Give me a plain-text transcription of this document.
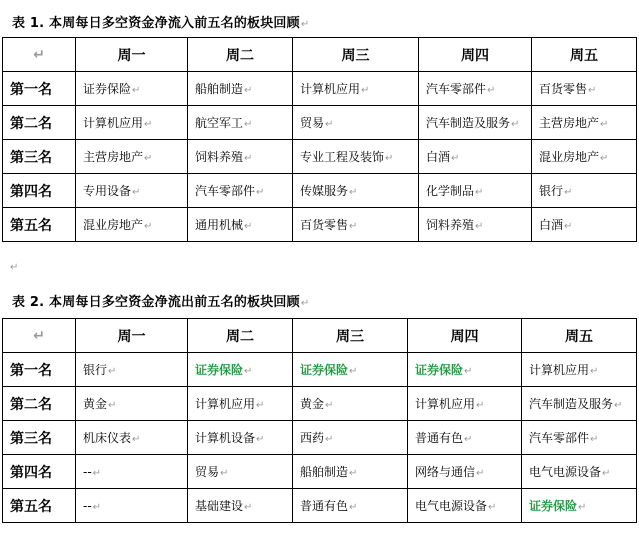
表 1. 本周每日多空资金净流入前五名的板块回顾↵
↵	周一	周二	周三	周四	周五
第一名	证券保险↵	船舶制造↵	计算机应用↵	汽车零部件↵	百货零售↵
第二名	计算机应用↵	航空军工↵	贸易↵	汽车制造及服务↵	主营房地产↵
第三名	主营房地产↵	饲料养殖↵	专业工程及装饰↵	白酒↵	混业房地产↵
第四名	专用设备↵	汽车零部件↵	传媒服务↵	化学制品↵	银行↵
第五名	混业房地产↵	通用机械↵	百货零售↵	饲料养殖↵	白酒↵
↵
表 2. 本周每日多空资金净流出前五名的板块回顾↵
↵	周一	周二	周三	周四	周五
第一名	银行↵	证券保险↵	证券保险↵	证券保险↵	计算机应用↵
第二名	黄金↵	计算机应用↵	黄金↵	计算机应用↵	汽车制造及服务↵
第三名	机床仪表↵	计算机设备↵	西药↵	普通有色↵	汽车零部件↵
第四名	--↵	贸易↵	船舶制造↵	网络与通信↵	电气电源设备↵
第五名	--↵	基础建设↵	普通有色↵	电气电源设备↵	证券保险↵
